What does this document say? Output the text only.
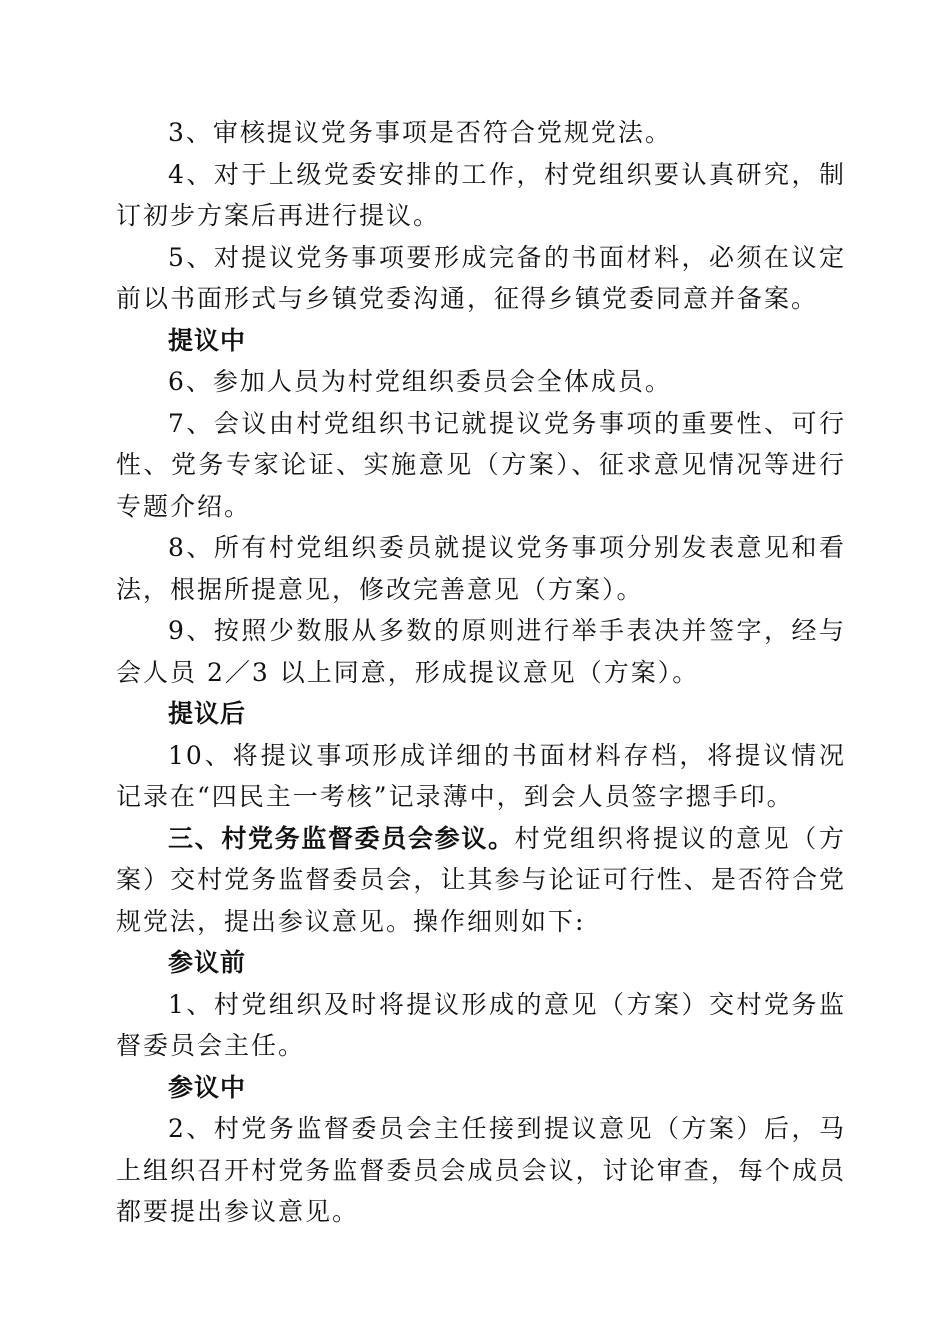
3、审核提议党务事项是否符合党规党法。

4、对于上级党委安排的工作，村党组织要认真研究，制订初步方案后再进行提议。

5、对提议党务事项要形成完备的书面材料，必须在议定前以书面形式与乡镇党委沟通，征得乡镇党委同意并备案。

提议中

6、参加人员为村党组织委员会全体成员。

7、会议由村党组织书记就提议党务事项的重要性、可行性、党务专家论证、实施意见（方案）、征求意见情况等进行专题介绍。

8、所有村党组织委员就提议党务事项分别发表意见和看法，根据所提意见，修改完善意见（方案）。

9、按照少数服从多数的原则进行举手表决并签字，经与会人员 2／3 以上同意，形成提议意见（方案）。

提议后

10、将提议事项形成详细的书面材料存档，将提议情况记录在“四民主一考核”记录薄中，到会人员签字摁手印。

三、村党务监督委员会参议。村党组织将提议的意见（方案）交村党务监督委员会，让其参与论证可行性、是否符合党规党法，提出参议意见。操作细则如下:

参议前

1、村党组织及时将提议形成的意见（方案）交村党务监督委员会主任。

参议中

2、村党务监督委员会主任接到提议意见（方案）后，马上组织召开村党务监督委员会成员会议，讨论审查，每个成员都要提出参议意见。
